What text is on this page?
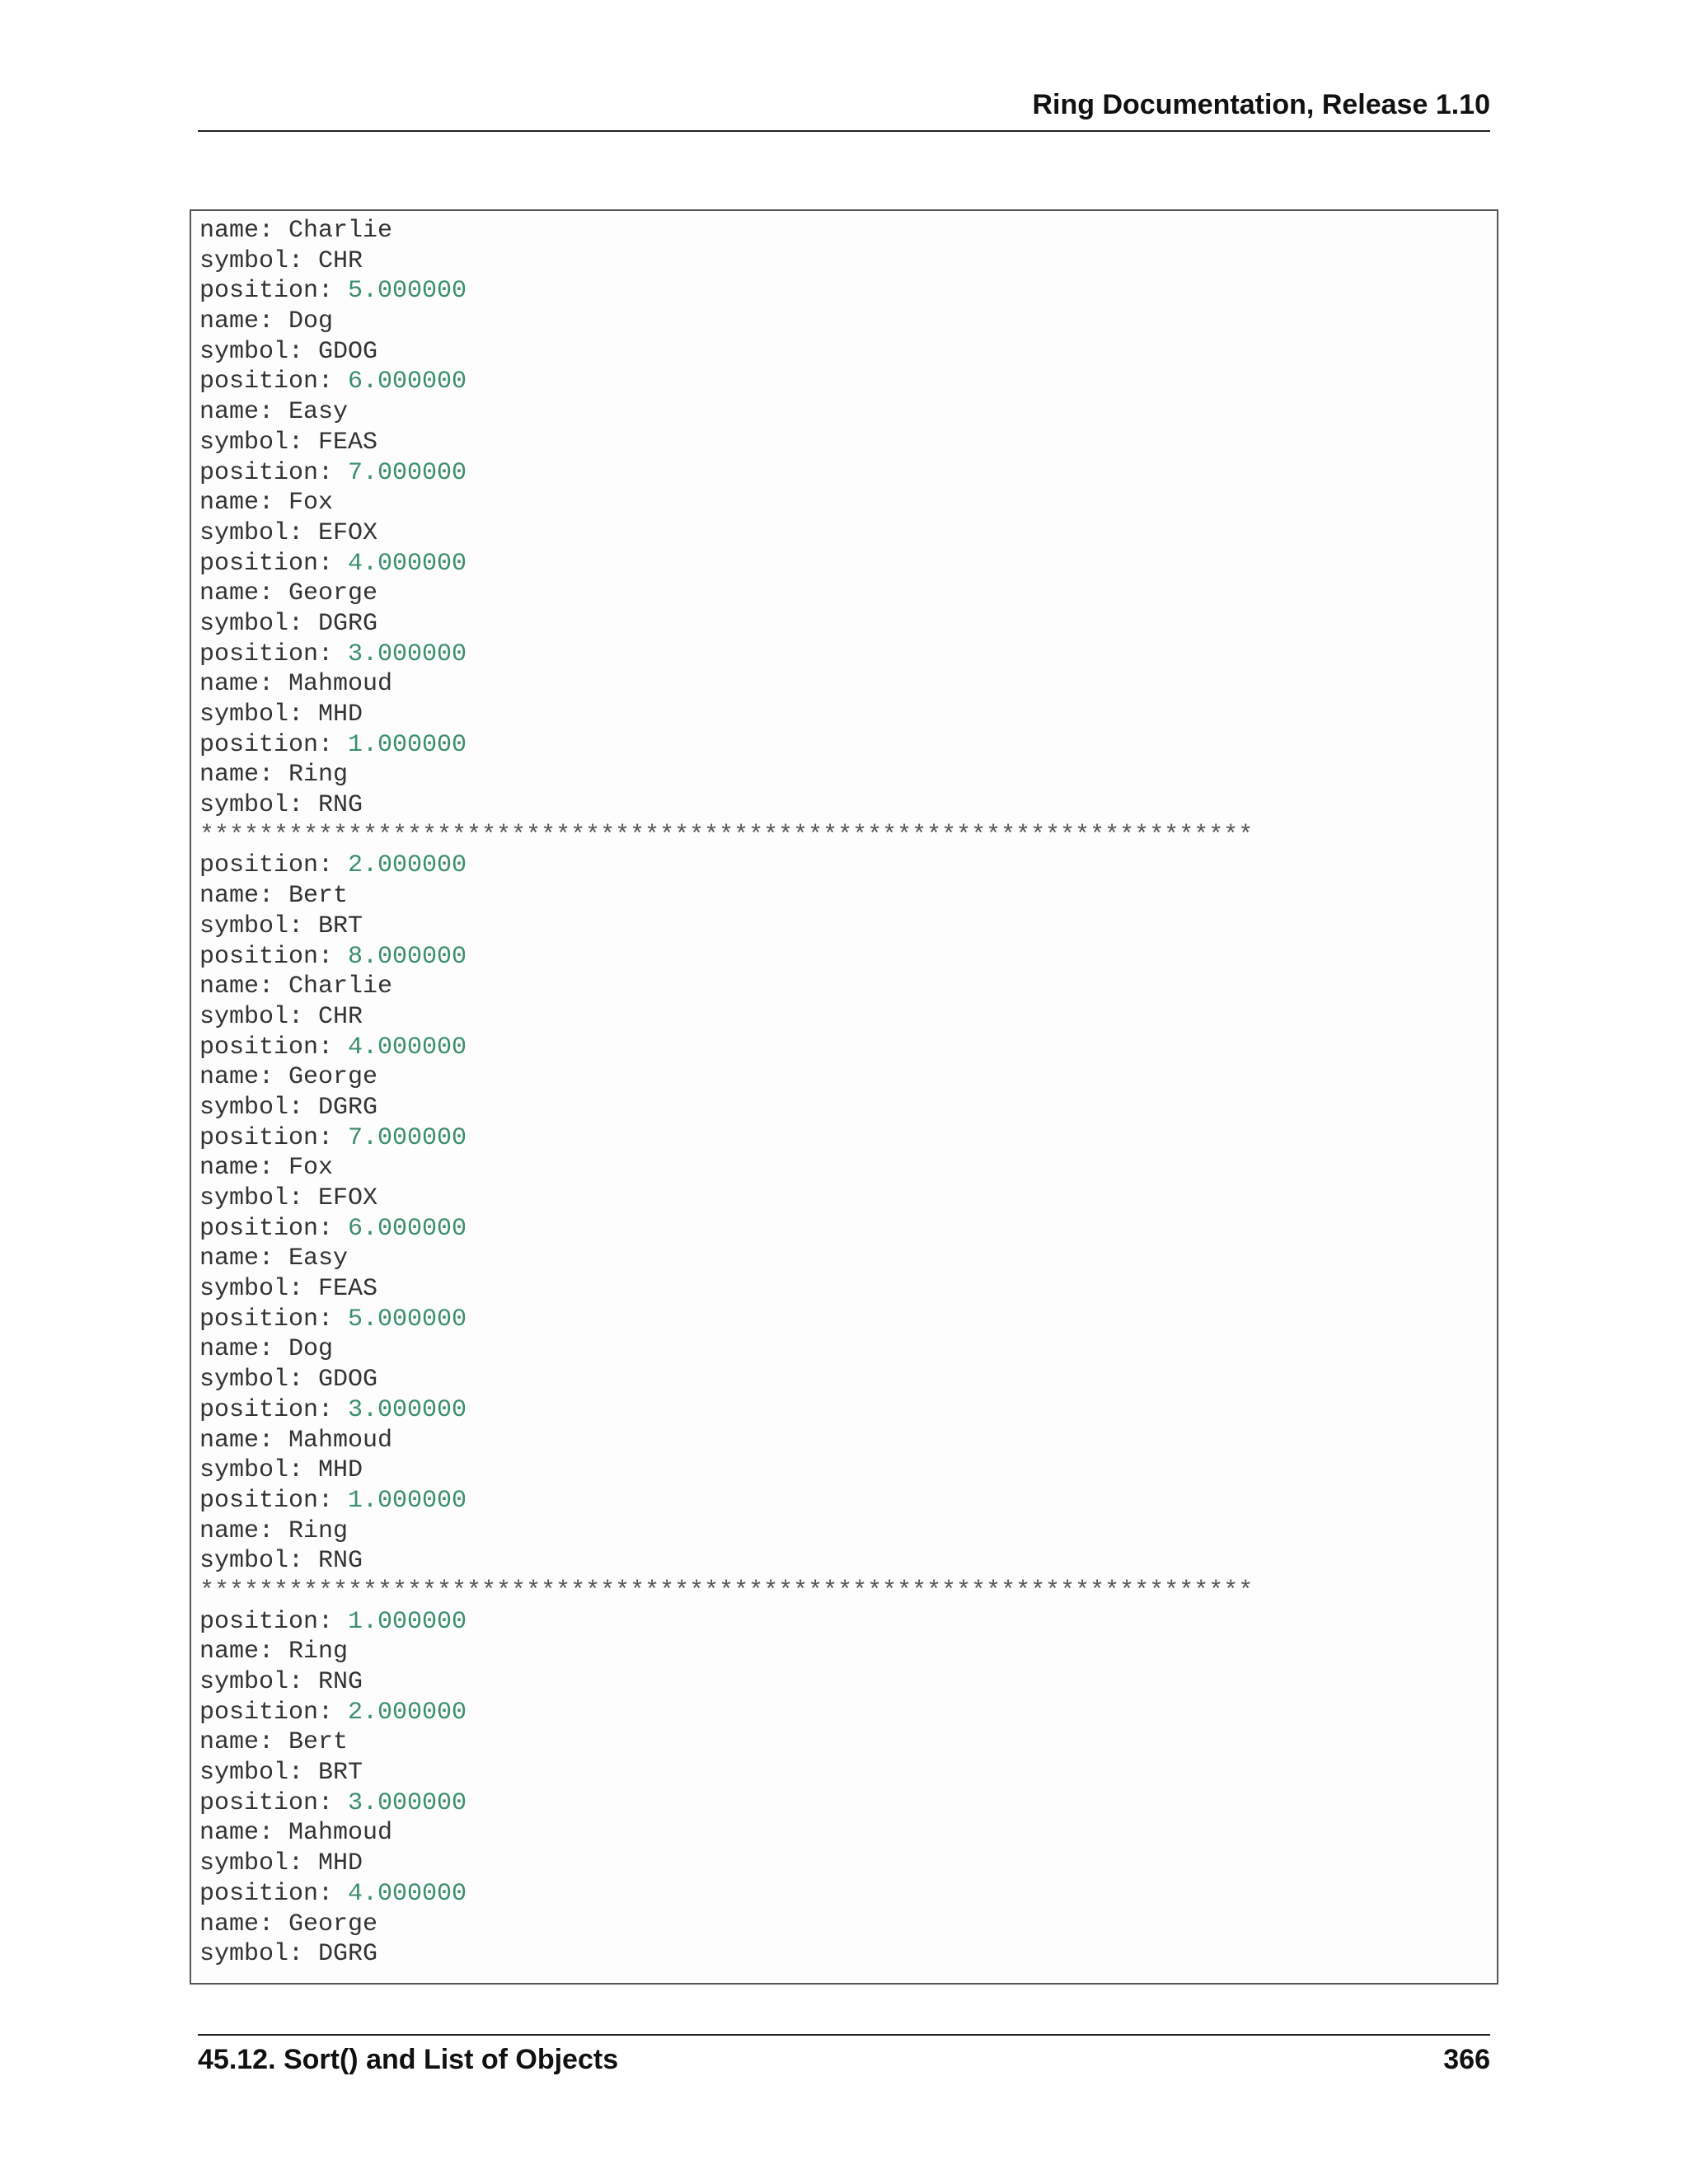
Ring Documentation, Release 1.10
name: Charlie
symbol: CHR
position: 5.000000
name: Dog
symbol: GDOG
position: 6.000000
name: Easy
symbol: FEAS
position: 7.000000
name: Fox
symbol: EFOX
position: 4.000000
name: George
symbol: DGRG
position: 3.000000
name: Mahmoud
symbol: MHD
position: 1.000000
name: Ring
symbol: RNG
***********************************************************************
position: 2.000000
name: Bert
symbol: BRT
position: 8.000000
name: Charlie
symbol: CHR
position: 4.000000
name: George
symbol: DGRG
position: 7.000000
name: Fox
symbol: EFOX
position: 6.000000
name: Easy
symbol: FEAS
position: 5.000000
name: Dog
symbol: GDOG
position: 3.000000
name: Mahmoud
symbol: MHD
position: 1.000000
name: Ring
symbol: RNG
***********************************************************************
position: 1.000000
name: Ring
symbol: RNG
position: 2.000000
name: Bert
symbol: BRT
position: 3.000000
name: Mahmoud
symbol: MHD
position: 4.000000
name: George
symbol: DGRG
45.12. Sort() and List of Objects	366
